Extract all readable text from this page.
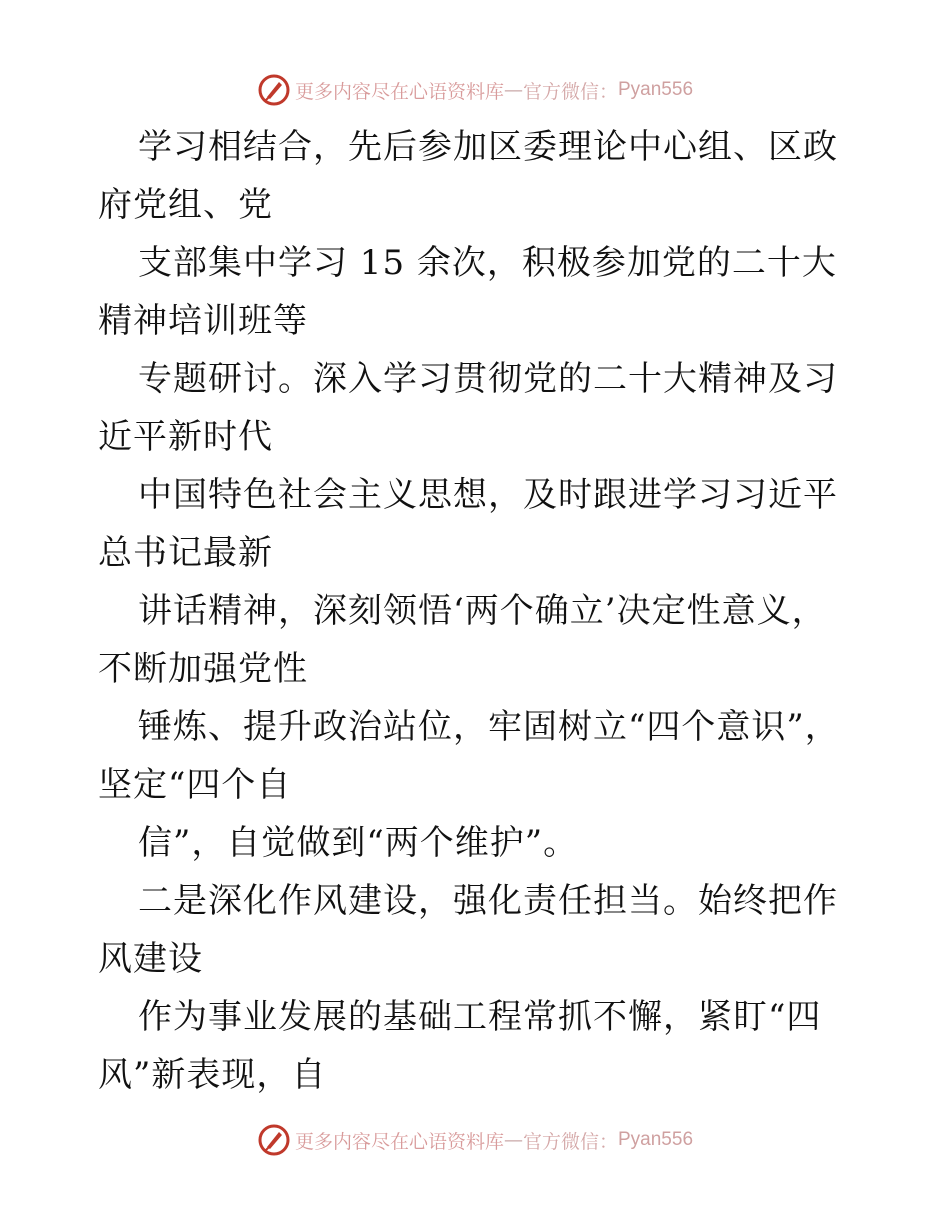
更多内容尽在心语资料库 — 官方微信： Pyan556

学习相结合，先后参加区委理论中心组、区政府党组、党

支部集中学习 15 余次，积极参加党的二十大精神培训班等

专题研讨。深入学习贯彻党的二十大精神及习近平新时代

中国特色社会主义思想，及时跟进学习习近平总书记最新

讲话精神，深刻领悟‘两个确立’决定性意义，不断加强党性

锤炼、提升政治站位，牢固树立“四个意识”，坚定“四个自

信”，自觉做到“两个维护”。

二是深化作风建设，强化责任担当。始终把作风建设

作为事业发展的基础工程常抓不懈，紧盯“四风”新表现，自

更多内容尽在心语资料库 — 官方微信： Pyan556
